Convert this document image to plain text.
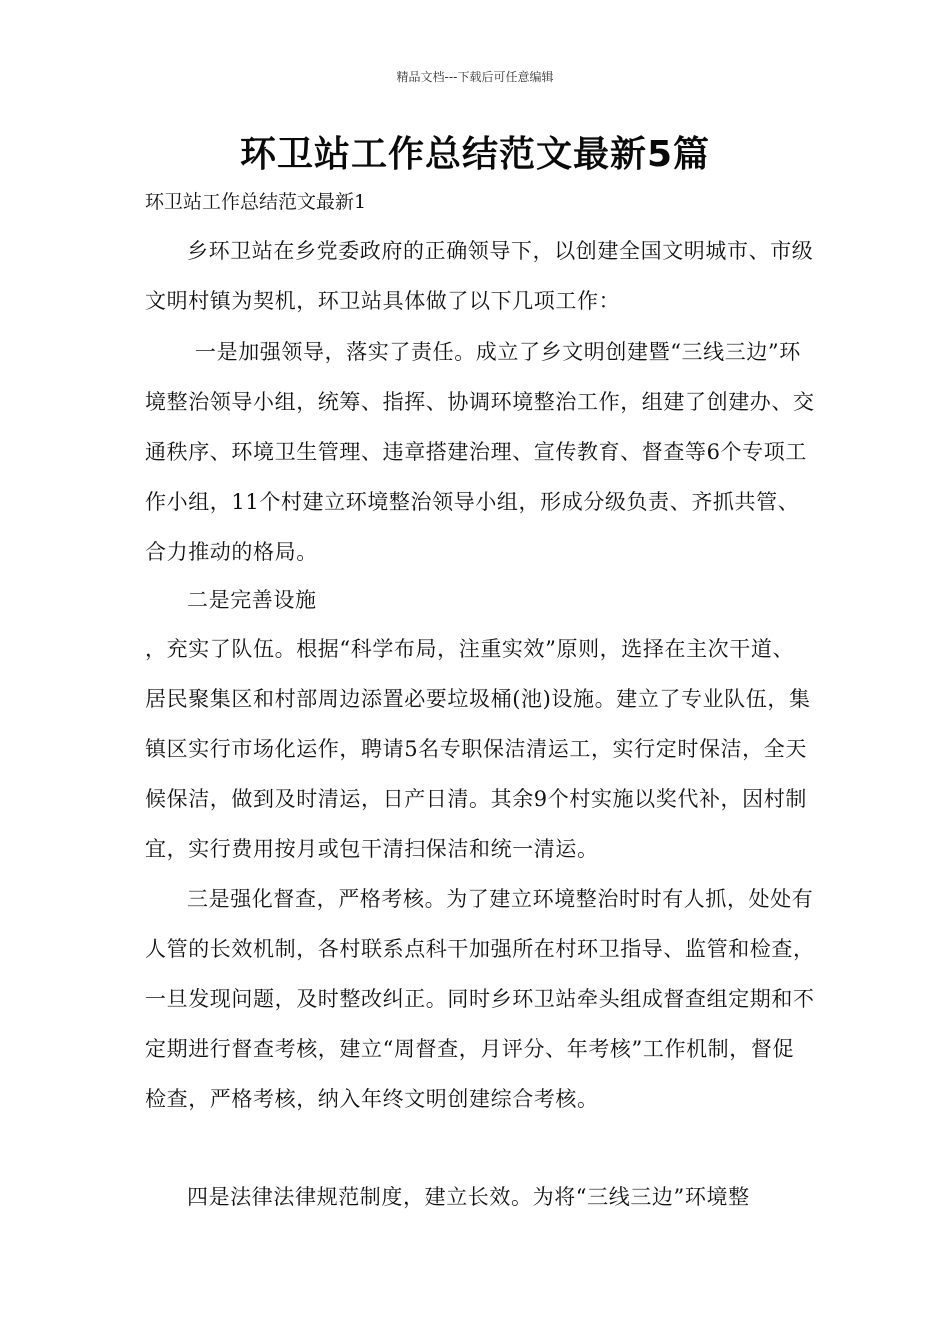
精品文档---下载后可任意编辑
环卫站工作总结范文最新5篇
环卫站工作总结范文最新1

乡环卫站在乡党委政府的正确领导下，以创建全国文明城市、市级文明村镇为契机，环卫站具体做了以下几项工作：

一是加强领导，落实了责任。成立了乡文明创建暨“三线三边”环境整治领导小组，统筹、指挥、协调环境整治工作，组建了创建办、交通秩序、环境卫生管理、违章搭建治理、宣传教育、督查等6个专项工作小组，11个村建立环境整治领导小组，形成分级负责、齐抓共管、合力推动的格局。

二是完善设施

，充实了队伍。根据“科学布局，注重实效”原则，选择在主次干道、居民聚集区和村部周边添置必要垃圾桶(池)设施。建立了专业队伍，集镇区实行市场化运作，聘请5名专职保洁清运工，实行定时保洁，全天候保洁，做到及时清运，日产日清。其余9个村实施以奖代补，因村制宜，实行费用按月或包干清扫保洁和统一清运。

三是强化督查，严格考核。为了建立环境整治时时有人抓，处处有人管的长效机制，各村联系点科干加强所在村环卫指导、监管和检查，一旦发现问题，及时整改纠正。同时乡环卫站牵头组成督查组定期和不定期进行督查考核，建立“周督查，月评分、年考核”工作机制，督促检查，严格考核，纳入年终文明创建综合考核。

四是法律法律规范制度，建立长效。为将“三线三边”环境整
